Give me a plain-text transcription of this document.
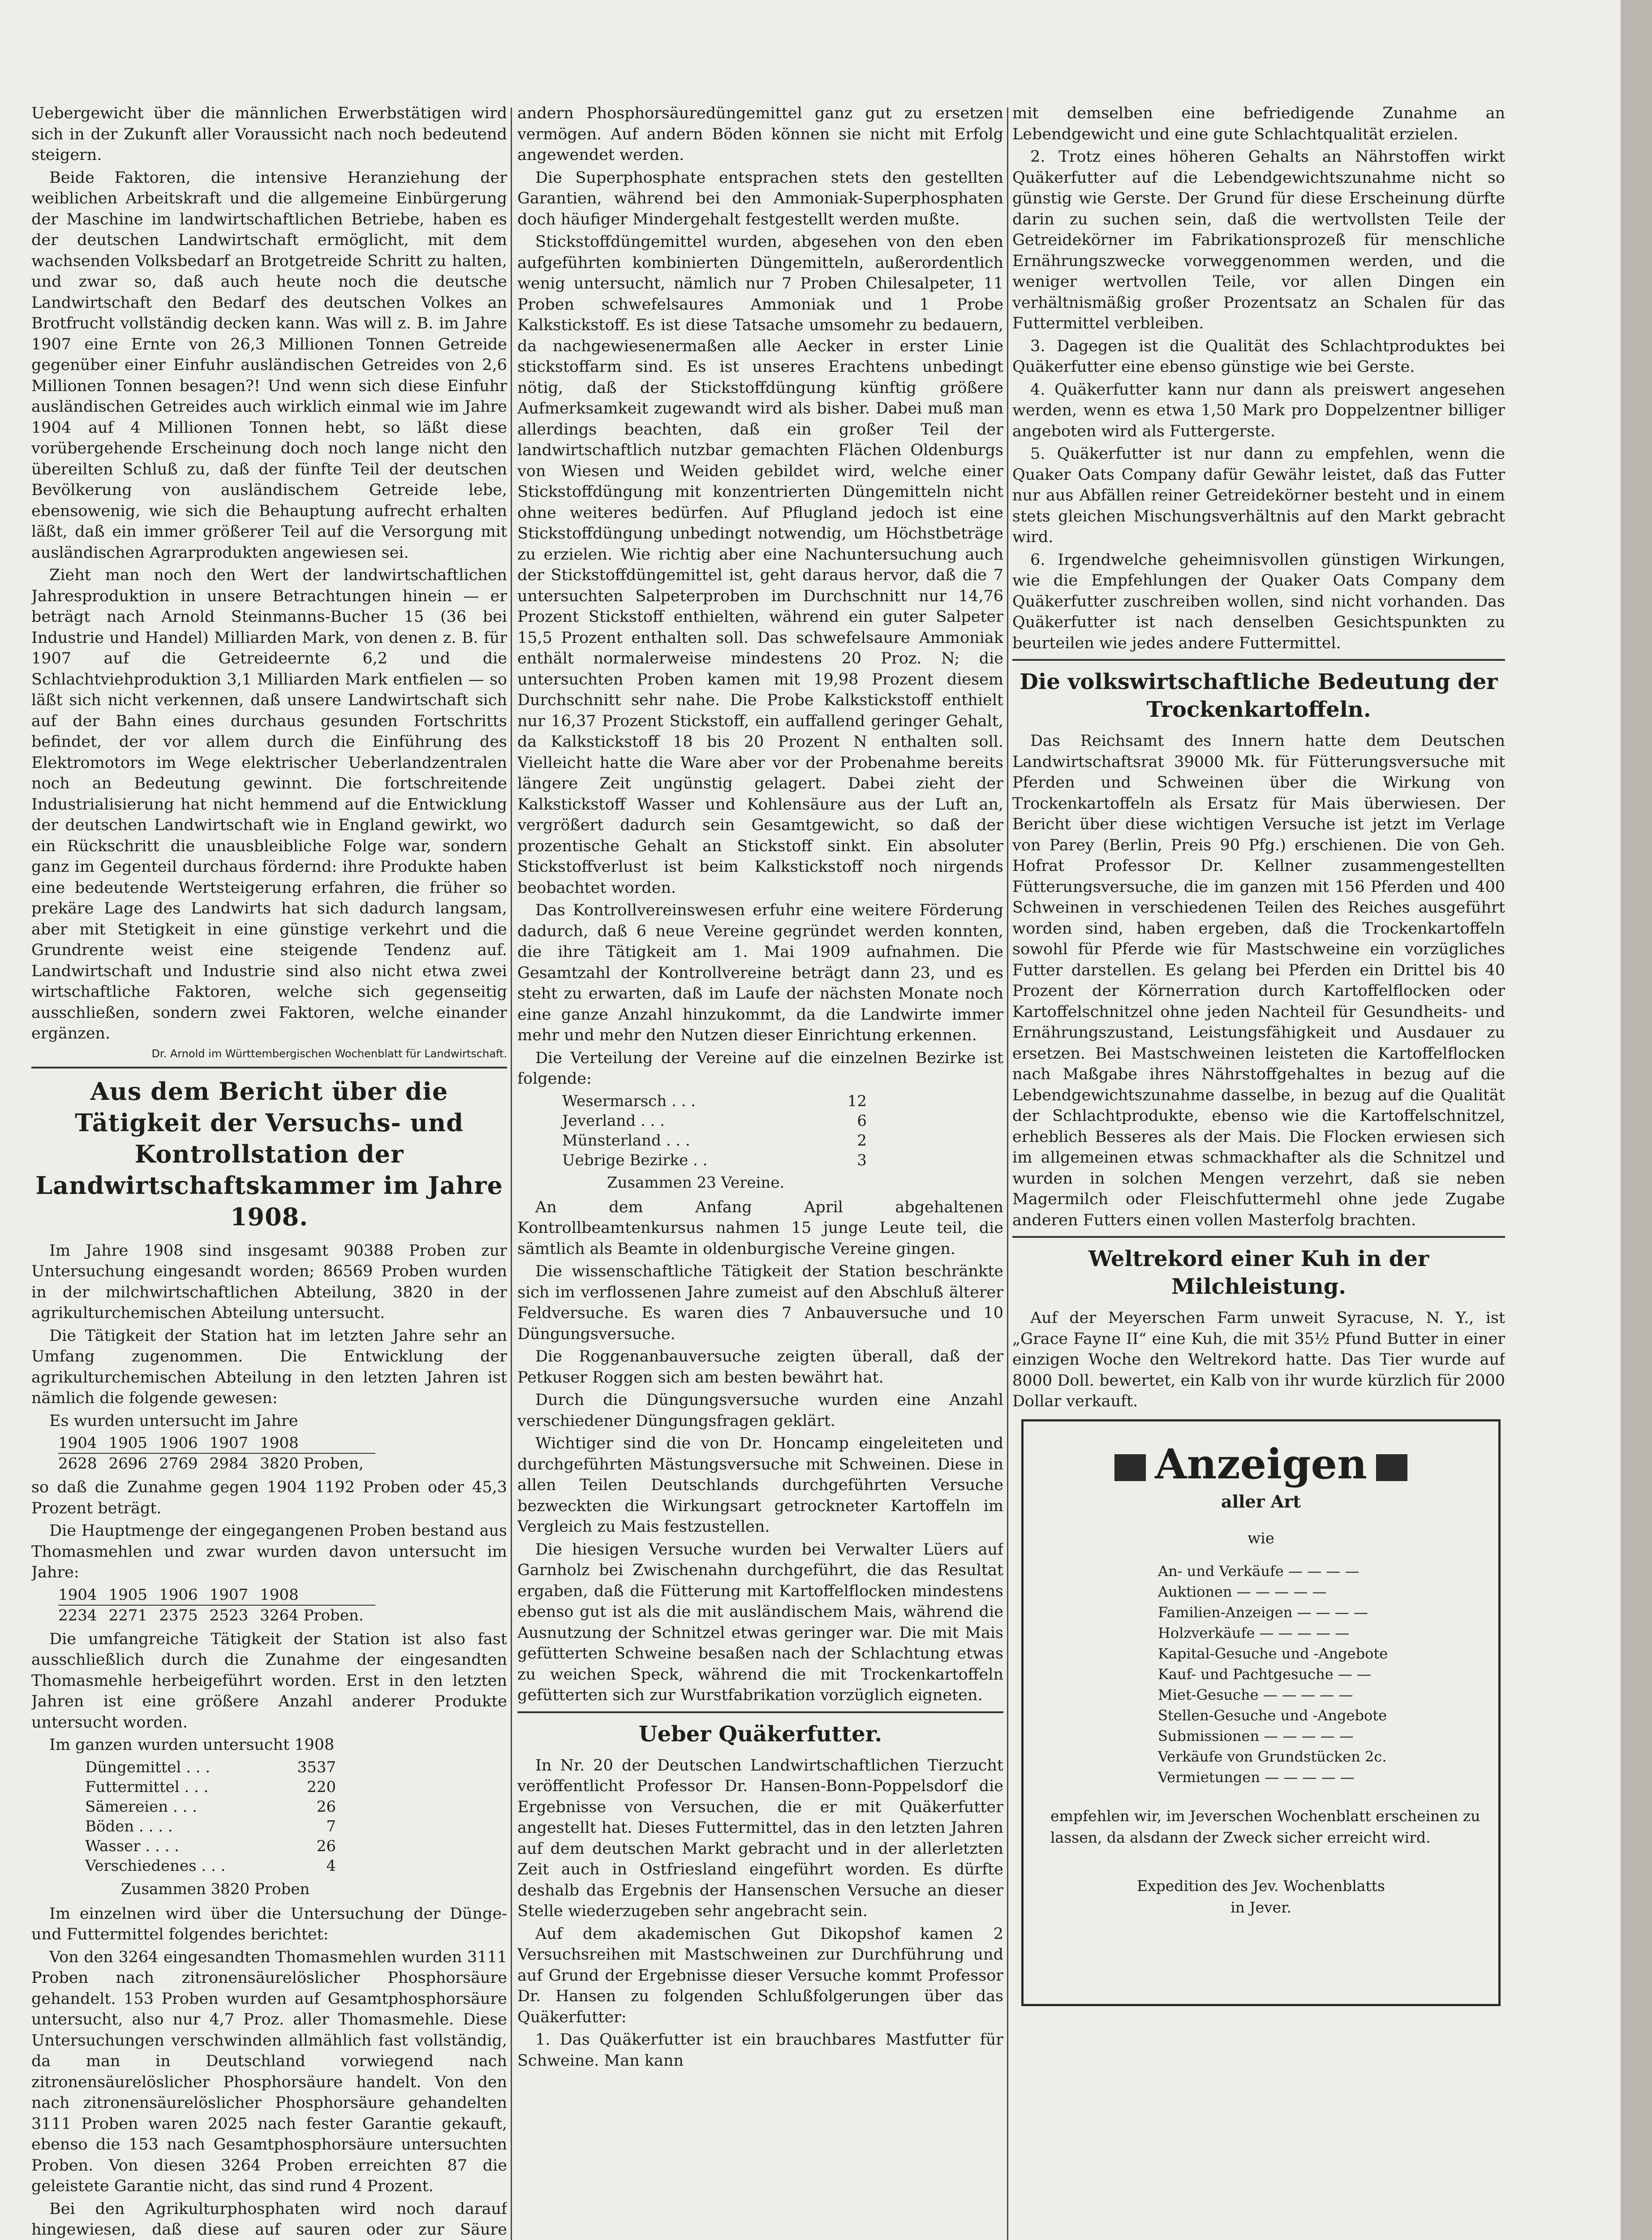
Uebergewicht über die männlichen Erwerbstätigen wird sich in der Zukunft aller Voraussicht nach noch bedeutend steigern.

Beide Faktoren, die intensive Heranziehung der weiblichen Arbeitskraft und die allgemeine Einbürgerung der Maschine im landwirtschaftlichen Betriebe, haben es der deutschen Landwirtschaft ermöglicht, mit dem wachsenden Volksbedarf an Brotgetreide Schritt zu halten, und zwar so, daß auch heute noch die deutsche Landwirtschaft den Bedarf des deutschen Volkes an Brotfrucht vollständig decken kann. Was will z. B. im Jahre 1907 eine Ernte von 26,3 Millionen Tonnen Getreide gegenüber einer Einfuhr ausländischen Getreides von 2,6 Millionen Tonnen besagen?! Und wenn sich diese Einfuhr ausländischen Getreides auch wirklich einmal wie im Jahre 1904 auf 4 Millionen Tonnen hebt, so läßt diese vorübergehende Erscheinung doch noch lange nicht den übereilten Schluß zu, daß der fünfte Teil der deutschen Bevölkerung von ausländischem Getreide lebe, ebensowenig, wie sich die Behauptung aufrecht erhalten läßt, daß ein immer größerer Teil auf die Versorgung mit ausländischen Agrarprodukten angewiesen sei.

Zieht man noch den Wert der landwirtschaftlichen Jahresproduktion in unsere Betrachtungen hinein — er beträgt nach Arnold Steinmanns-Bucher 15 (36 bei Industrie und Handel) Milliarden Mark, von denen z. B. für 1907 auf die Getreideernte 6,2 und die Schlachtviehproduktion 3,1 Milliarden Mark entfielen — so läßt sich nicht verkennen, daß unsere Landwirtschaft sich auf der Bahn eines durchaus gesunden Fortschritts befindet, der vor allem durch die Einführung des Elektromotors im Wege elektrischer Ueberlandzentralen noch an Bedeutung gewinnt. Die fortschreitende Industrialisierung hat nicht hemmend auf die Entwicklung der deutschen Landwirtschaft wie in England gewirkt, wo ein Rückschritt die unausbleibliche Folge war, sondern ganz im Gegenteil durchaus fördernd: ihre Produkte haben eine bedeutende Wertsteigerung erfahren, die früher so prekäre Lage des Landwirts hat sich dadurch langsam, aber mit Stetigkeit in eine günstige verkehrt und die Grundrente weist eine steigende Tendenz auf. Landwirtschaft und Industrie sind also nicht etwa zwei wirtschaftliche Faktoren, welche sich gegenseitig ausschließen, sondern zwei Faktoren, welche einander ergänzen.

Dr. Arnold im Württembergischen Wochenblatt für Landwirtschaft.
Aus dem Bericht über die Tätigkeit der Versuchs- und Kontrollstation der Landwirtschaftskammer im Jahre 1908.

Im Jahre 1908 sind insgesamt 90388 Proben zur Untersuchung eingesandt worden; 86569 Proben wurden in der milchwirtschaftlichen Abteilung, 3820 in der agrikulturchemischen Abteilung untersucht.

Die Tätigkeit der Station hat im letzten Jahre sehr an Umfang zugenommen. Die Entwicklung der agrikulturchemischen Abteilung in den letzten Jahren ist nämlich die folgende gewesen:

Es wurden untersucht im Jahre

1904	1905	1906	1907	1908
2628	2696	2769	2984	3820 Proben,

so daß die Zunahme gegen 1904 1192 Proben oder 45,3 Prozent beträgt.

Die Hauptmenge der eingegangenen Proben bestand aus Thomasmehlen und zwar wurden davon untersucht im Jahre:

1904	1905	1906	1907	1908
2234	2271	2375	2523	3264 Proben.

Die umfangreiche Tätigkeit der Station ist also fast ausschließlich durch die Zunahme der eingesandten Thomasmehle herbeigeführt worden. Erst in den letzten Jahren ist eine größere Anzahl anderer Produkte untersucht worden.

Im ganzen wurden untersucht 1908

Düngemittel . . .	3537
Futtermittel . . .	220
Sämereien . . .	26
Böden . . . .	7
Wasser . . . .	26
Verschiedenes . . .	4
Zusammen 3820 Proben

Im einzelnen wird über die Untersuchung der Dünge- und Futtermittel folgendes berichtet:

Von den 3264 eingesandten Thomasmehlen wurden 3111 Proben nach zitronensäurelöslicher Phosphorsäure gehandelt. 153 Proben wurden auf Gesamtphosphorsäure untersucht, also nur 4,7 Proz. aller Thomasmehle. Diese Untersuchungen verschwinden allmählich fast vollständig, da man in Deutschland vorwiegend nach zitronensäurelöslicher Phosphorsäure handelt. Von den nach zitronensäurelöslicher Phosphorsäure gehandelten 3111 Proben waren 2025 nach fester Garantie gekauft, ebenso die 153 nach Gesamtphosphorsäure untersuchten Proben. Von diesen 3264 Proben erreichten 87 die geleistete Garantie nicht, das sind rund 4 Prozent.

Bei den Agrikulturphosphaten wird noch darauf hingewiesen, daß diese auf sauren oder zur Säure

andern Phosphorsäuredüngemittel ganz gut zu ersetzen vermögen. Auf andern Böden können sie nicht mit Erfolg angewendet werden.

Die Superphosphate entsprachen stets den gestellten Garantien, während bei den Ammoniak-Superphosphaten doch häufiger Mindergehalt festgestellt werden mußte.

Stickstoffdüngemittel wurden, abgesehen von den eben aufgeführten kombinierten Düngemitteln, außerordentlich wenig untersucht, nämlich nur 7 Proben Chilesalpeter, 11 Proben schwefelsaures Ammoniak und 1 Probe Kalkstickstoff. Es ist diese Tatsache umsomehr zu bedauern, da nachgewiesenermaßen alle Aecker in erster Linie stickstoffarm sind. Es ist unseres Erachtens unbedingt nötig, daß der Stickstoffdüngung künftig größere Aufmerksamkeit zugewandt wird als bisher. Dabei muß man allerdings beachten, daß ein großer Teil der landwirtschaftlich nutzbar gemachten Flächen Oldenburgs von Wiesen und Weiden gebildet wird, welche einer Stickstoffdüngung mit konzentrierten Düngemitteln nicht ohne weiteres bedürfen. Auf Pflugland jedoch ist eine Stickstoffdüngung unbedingt notwendig, um Höchstbeträge zu erzielen. Wie richtig aber eine Nachuntersuchung auch der Stickstoffdüngemittel ist, geht daraus hervor, daß die 7 untersuchten Salpeterproben im Durchschnitt nur 14,76 Prozent Stickstoff enthielten, während ein guter Salpeter 15,5 Prozent enthalten soll. Das schwefelsaure Ammoniak enthält normalerweise mindestens 20 Proz. N; die untersuchten Proben kamen mit 19,98 Prozent diesem Durchschnitt sehr nahe. Die Probe Kalkstickstoff enthielt nur 16,37 Prozent Stickstoff, ein auffallend geringer Gehalt, da Kalkstickstoff 18 bis 20 Prozent N enthalten soll. Vielleicht hatte die Ware aber vor der Probenahme bereits längere Zeit ungünstig gelagert. Dabei zieht der Kalkstickstoff Wasser und Kohlensäure aus der Luft an, vergrößert dadurch sein Gesamtgewicht, so daß der prozentische Gehalt an Stickstoff sinkt. Ein absoluter Stickstoffverlust ist beim Kalkstickstoff noch nirgends beobachtet worden.

Das Kontrollvereinswesen erfuhr eine weitere Förderung dadurch, daß 6 neue Vereine gegründet werden konnten, die ihre Tätigkeit am 1. Mai 1909 aufnahmen. Die Gesamtzahl der Kontrollvereine beträgt dann 23, und es steht zu erwarten, daß im Laufe der nächsten Monate noch eine ganze Anzahl hinzukommt, da die Landwirte immer mehr und mehr den Nutzen dieser Einrichtung erkennen.

Die Verteilung der Vereine auf die einzelnen Bezirke ist folgende:

Wesermarsch . . .	12
Jeverland . . .	6
Münsterland . . .	2
Uebrige Bezirke . .	3
Zusammen 23 Vereine.

An dem Anfang April abgehaltenen Kontrollbeamtenkursus nahmen 15 junge Leute teil, die sämtlich als Beamte in oldenburgische Vereine gingen.

Die wissenschaftliche Tätigkeit der Station beschränkte sich im verflossenen Jahre zumeist auf den Abschluß älterer Feldversuche. Es waren dies 7 Anbauversuche und 10 Düngungsversuche.

Die Roggenanbauversuche zeigten überall, daß der Petkuser Roggen sich am besten bewährt hat.

Durch die Düngungsversuche wurden eine Anzahl verschiedener Düngungsfragen geklärt.

Wichtiger sind die von Dr. Honcamp eingeleiteten und durchgeführten Mästungsversuche mit Schweinen. Diese in allen Teilen Deutschlands durchgeführten Versuche bezweckten die Wirkungsart getrockneter Kartoffeln im Vergleich zu Mais festzustellen.

Die hiesigen Versuche wurden bei Verwalter Lüers auf Garnholz bei Zwischenahn durchgeführt, die das Resultat ergaben, daß die Fütterung mit Kartoffelflocken mindestens ebenso gut ist als die mit ausländischem Mais, während die Ausnutzung der Schnitzel etwas geringer war. Die mit Mais gefütterten Schweine besaßen nach der Schlachtung etwas zu weichen Speck, während die mit Trockenkartoffeln gefütterten sich zur Wurstfabrikation vorzüglich eigneten.

Ueber Quäkerfutter.

In Nr. 20 der Deutschen Landwirtschaftlichen Tierzucht veröffentlicht Professor Dr. Hansen-Bonn-Poppelsdorf die Ergebnisse von Versuchen, die er mit Quäkerfutter angestellt hat. Dieses Futtermittel, das in den letzten Jahren auf dem deutschen Markt gebracht und in der allerletzten Zeit auch in Ostfriesland eingeführt worden. Es dürfte deshalb das Ergebnis der Hansenschen Versuche an dieser Stelle wiederzugeben sehr angebracht sein.

Auf dem akademischen Gut Dikopshof kamen 2 Versuchsreihen mit Mastschweinen zur Durchführung und auf Grund der Ergebnisse dieser Versuche kommt Professor Dr. Hansen zu folgenden Schlußfolgerungen über das Quäkerfutter:

1. Das Quäkerfutter ist ein brauchbares Mastfutter für Schweine. Man kann

mit demselben eine befriedigende Zunahme an Lebendgewicht und eine gute Schlachtqualität erzielen.

2. Trotz eines höheren Gehalts an Nährstoffen wirkt Quäkerfutter auf die Lebendgewichtszunahme nicht so günstig wie Gerste. Der Grund für diese Erscheinung dürfte darin zu suchen sein, daß die wertvollsten Teile der Getreidekörner im Fabrikationsprozeß für menschliche Ernährungszwecke vorweggenommen werden, und die weniger wertvollen Teile, vor allen Dingen ein verhältnismäßig großer Prozentsatz an Schalen für das Futtermittel verbleiben.

3. Dagegen ist die Qualität des Schlachtproduktes bei Quäkerfutter eine ebenso günstige wie bei Gerste.

4. Quäkerfutter kann nur dann als preiswert angesehen werden, wenn es etwa 1,50 Mark pro Doppelzentner billiger angeboten wird als Futtergerste.

5. Quäkerfutter ist nur dann zu empfehlen, wenn die Quaker Oats Company dafür Gewähr leistet, daß das Futter nur aus Abfällen reiner Getreidekörner besteht und in einem stets gleichen Mischungsverhältnis auf den Markt gebracht wird.

6. Irgendwelche geheimnisvollen günstigen Wirkungen, wie die Empfehlungen der Quaker Oats Company dem Quäkerfutter zuschreiben wollen, sind nicht vorhanden. Das Quäkerfutter ist nach denselben Gesichtspunkten zu beurteilen wie jedes andere Futtermittel.

Die volkswirtschaftliche Bedeutung der Trockenkartoffeln.

Das Reichsamt des Innern hatte dem Deutschen Landwirtschaftsrat 39000 Mk. für Fütterungsversuche mit Pferden und Schweinen über die Wirkung von Trockenkartoffeln als Ersatz für Mais überwiesen. Der Bericht über diese wichtigen Versuche ist jetzt im Verlage von Parey (Berlin, Preis 90 Pfg.) erschienen. Die von Geh. Hofrat Professor Dr. Kellner zusammengestellten Fütterungsversuche, die im ganzen mit 156 Pferden und 400 Schweinen in verschiedenen Teilen des Reiches ausgeführt worden sind, haben ergeben, daß die Trockenkartoffeln sowohl für Pferde wie für Mastschweine ein vorzügliches Futter darstellen. Es gelang bei Pferden ein Drittel bis 40 Prozent der Körnerration durch Kartoffelflocken oder Kartoffelschnitzel ohne jeden Nachteil für Gesundheits- und Ernährungszustand, Leistungsfähigkeit und Ausdauer zu ersetzen. Bei Mastschweinen leisteten die Kartoffelflocken nach Maßgabe ihres Nährstoffgehaltes in bezug auf die Lebendgewichtszunahme dasselbe, in bezug auf die Qualität der Schlachtprodukte, ebenso wie die Kartoffelschnitzel, erheblich Besseres als der Mais. Die Flocken erwiesen sich im allgemeinen etwas schmackhafter als die Schnitzel und wurden in solchen Mengen verzehrt, daß sie neben Magermilch oder Fleischfuttermehl ohne jede Zugabe anderen Futters einen vollen Masterfolg brachten.

Weltrekord einer Kuh in der Milchleistung.

Auf der Meyerschen Farm unweit Syracuse, N. Y., ist „Grace Fayne II“ eine Kuh, die mit 35½ Pfund Butter in einer einzigen Woche den Weltrekord hatte. Das Tier wurde auf 8000 Doll. bewertet, ein Kalb von ihr wurde kürzlich für 2000 Dollar verkauft.

Anzeigen
aller Art
wie
An- und Verkäufe — — — —
Auktionen — — — — —
Familien-Anzeigen — — — —
Holzverkäufe — — — — —
Kapital-Gesuche und -Angebote
Kauf- und Pachtgesuche — —
Miet-Gesuche — — — — —
Stellen-Gesuche und -Angebote
Submissionen — — — — —
Verkäufe von Grundstücken 2c.
Vermietungen — — — — —
empfehlen wir, im Jeverschen Wochenblatt erscheinen zu lassen, da alsdann der Zweck sicher erreicht wird.
Expedition des Jev. Wochenblatts
in Jever.
